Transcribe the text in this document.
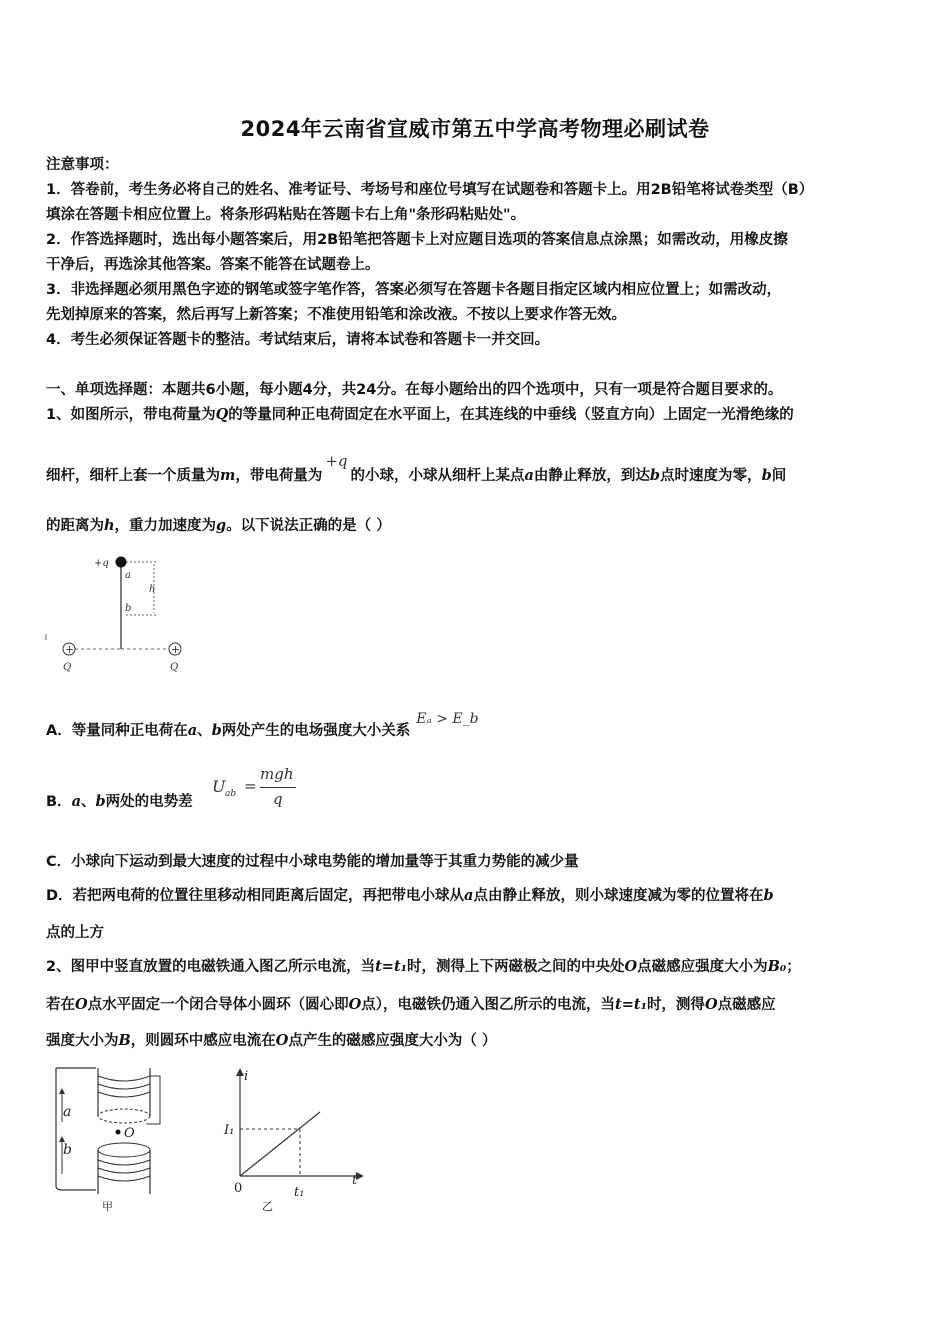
2024年云南省宣威市第五中学高考物理必刷试卷
注意事项：
1．答卷前，考生务必将自己的姓名、准考证号、考场号和座位号填写在试题卷和答题卡上。用2B铅笔将试卷类型（B）
填涂在答题卡相应位置上。将条形码粘贴在答题卡右上角"条形码粘贴处"。
2．作答选择题时，选出每小题答案后，用2B铅笔把答题卡上对应题目选项的答案信息点涂黑；如需改动，用橡皮擦
干净后，再选涂其他答案。答案不能答在试题卷上。
3．非选择题必须用黑色字迹的钢笔或签字笔作答，答案必须写在答题卡各题目指定区域内相应位置上；如需改动，
先划掉原来的答案，然后再写上新答案；不准使用铅笔和涂改液。不按以上要求作答无效。
4．考生必须保证答题卡的整洁。考试结束后，请将本试卷和答题卡一并交回。
一、单项选择题：本题共6小题，每小题4分，共24分。在每小题给出的四个选项中，只有一项是符合题目要求的。
1、如图所示，带电荷量为Q的等量同种正电荷固定在水平面上，在其连线的中垂线（竖直方向）上固定一光滑绝缘的
细杆，细杆上套一个质量为m，带电荷量为+q的小球，小球从细杆上某点a由静止释放，到达b点时速度为零，b间
的距离为h，重力加速度为g。以下说法正确的是（ ）
+q
a
b
h
+	+
Q	Q
A．等量同种正电荷在a、b两处产生的电场强度大小关系Eₐ > E_b
B．a、b两处的电势差
U ab =
mgh
q
C．小球向下运动到最大速度的过程中小球电势能的增加量等于其重力势能的减少量
D．若把两电荷的位置往里移动相同距离后固定，再把带电小球从a点由静止释放，则小球速度减为零的位置将在b
点的上方
2、图甲中竖直放置的电磁铁通入图乙所示电流，当t=t₁时，测得上下两磁极之间的中央处O点磁感应强度大小为B₀；
若在O点水平固定一个闭合导体小圆环（圆心即O点），电磁铁仍通入图乙所示的电流，当t=t₁时，测得O点磁感应
强度大小为B，则圆环中感应电流在O点产生的磁感应强度大小为（ ）
a
b
O
甲
i
I₁
t
0	t₁
乙
